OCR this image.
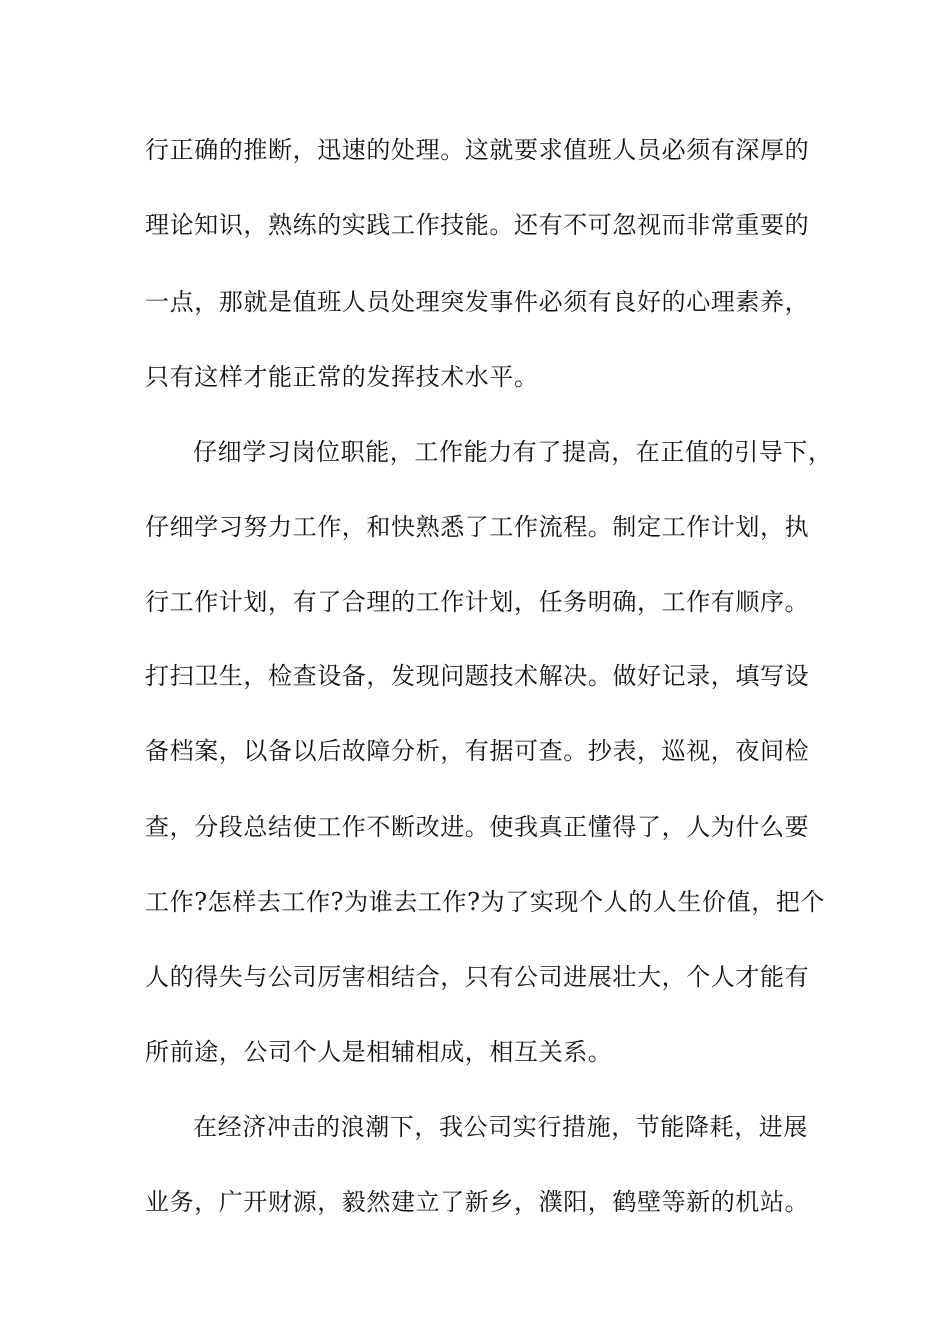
行正确的推断，迅速的处理。这就要求值班人员必须有深厚的
理论知识，熟练的实践工作技能。还有不可忽视而非常重要的
一点，那就是值班人员处理突发事件必须有良好的心理素养，
只有这样才能正常的发挥技术水平。
仔细学习岗位职能，工作能力有了提高，在正值的引导下，
仔细学习努力工作，和快熟悉了工作流程。制定工作计划，执
行工作计划，有了合理的工作计划，任务明确，工作有顺序。
打扫卫生，检查设备，发现问题技术解决。做好记录，填写设
备档案，以备以后故障分析，有据可查。抄表，巡视，夜间检
查，分段总结使工作不断改进。使我真正懂得了，人为什么要
工作?怎样去工作?为谁去工作?为了实现个人的人生价值，把个
人的得失与公司厉害相结合，只有公司进展壮大，个人才能有
所前途，公司个人是相辅相成，相互关系。
在经济冲击的浪潮下，我公司实行措施，节能降耗，进展
业务，广开财源，毅然建立了新乡，濮阳，鹤壁等新的机站。
